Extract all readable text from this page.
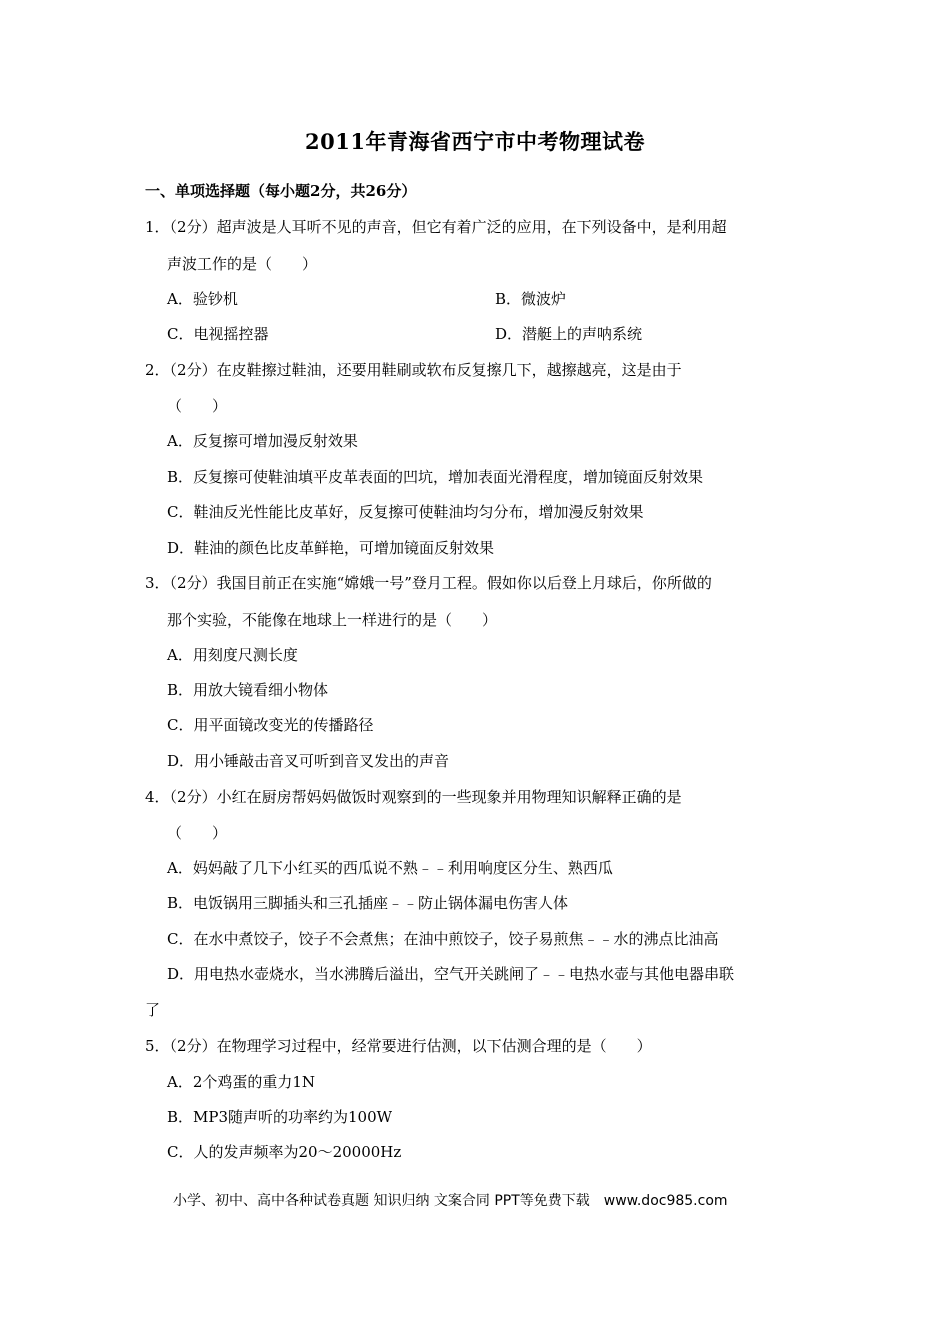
2011年青海省西宁市中考物理试卷
一、单项选择题（每小题2分，共26分）
1．（2分）超声波是人耳听不见的声音，但它有着广泛的应用，在下列设备中，是利用超
声波工作的是（　　）
A．验钞机	B．微波炉
C．电视摇控器	D．潜艇上的声呐系统
2．（2分）在皮鞋擦过鞋油，还要用鞋刷或软布反复擦几下，越擦越亮，这是由于
（　　）
A．反复擦可增加漫反射效果
B．反复擦可使鞋油填平皮革表面的凹坑，增加表面光滑程度，增加镜面反射效果
C．鞋油反光性能比皮革好，反复擦可使鞋油均匀分布，增加漫反射效果
D．鞋油的颜色比皮革鲜艳，可增加镜面反射效果
3．（2分）我国目前正在实施“嫦娥一号”登月工程。假如你以后登上月球后，你所做的
那个实验，不能像在地球上一样进行的是（　　）
A．用刻度尺测长度
B．用放大镜看细小物体
C．用平面镜改变光的传播路径
D．用小锤敲击音叉可听到音叉发出的声音
4．（2分）小红在厨房帮妈妈做饭时观察到的一些现象并用物理知识解释正确的是
（　　）
A．妈妈敲了几下小红买的西瓜说不熟﹣﹣利用响度区分生、熟西瓜
B．电饭锅用三脚插头和三孔插座﹣﹣防止锅体漏电伤害人体
C．在水中煮饺子，饺子不会煮焦；在油中煎饺子，饺子易煎焦﹣﹣水的沸点比油高
D．用电热水壶烧水，当水沸腾后溢出，空气开关跳闸了﹣﹣电热水壶与其他电器串联
了
5．（2分）在物理学习过程中，经常要进行估测，以下估测合理的是（　　）
A．2个鸡蛋的重力1N
B．MP3随声听的功率约为100W
C．人的发声频率为20～20000Hz
小学、初中、高中各种试卷真题 知识归纳 文案合同 PPT等免费下载　www.doc985.com
